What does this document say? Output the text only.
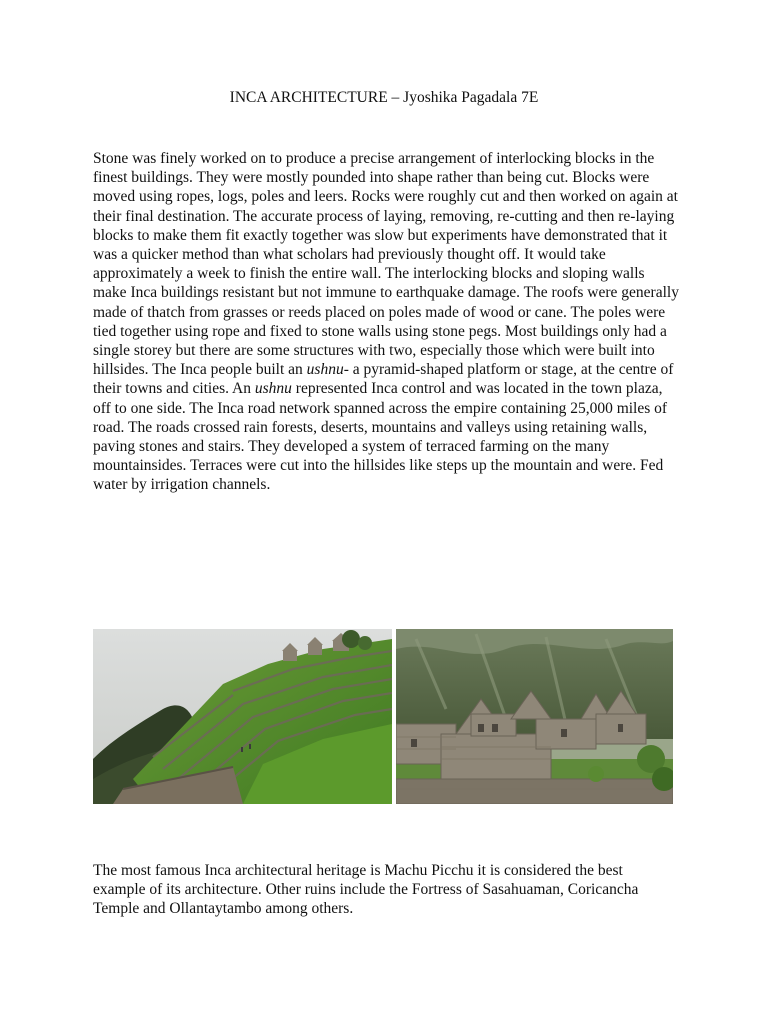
INCA ARCHITECTURE – Jyoshika Pagadala 7E

Stone was finely worked on to produce a precise arrangement of interlocking blocks in the finest buildings. They were mostly pounded into shape rather than being cut. Blocks were moved using ropes, logs, poles and leers. Rocks were roughly cut and then worked on again at their final destination. The accurate process of laying, removing, re-cutting and then re-laying blocks to make them fit exactly together was slow but experiments have demonstrated that it was a quicker method than what scholars had previously thought off. It would take approximately a week to finish the entire wall. The interlocking blocks and sloping walls make Inca buildings resistant but not immune to earthquake damage. The roofs were generally made of thatch from grasses or reeds placed on poles made of wood or cane. The poles were tied together using rope and fixed to stone walls using stone pegs. Most buildings only had a single storey but there are some structures with two, especially those which were built into hillsides. The Inca people built an ushnu- a pyramid-shaped platform or stage, at the centre of their towns and cities. An ushnu represented Inca control and was located in the town plaza, off to one side. The Inca road network spanned across the empire containing 25,000 miles of road. The roads crossed rain forests, deserts, mountains and valleys using retaining walls, paving stones and stairs. They developed a system of terraced farming on the many mountainsides. Terraces were cut into the hillsides like steps up the mountain and were. Fed water by irrigation channels.

The most famous Inca architectural heritage is Machu Picchu it is considered the best example of its architecture. Other ruins include the Fortress of Sasahuaman, Coricancha Temple and Ollantaytambo among others.
